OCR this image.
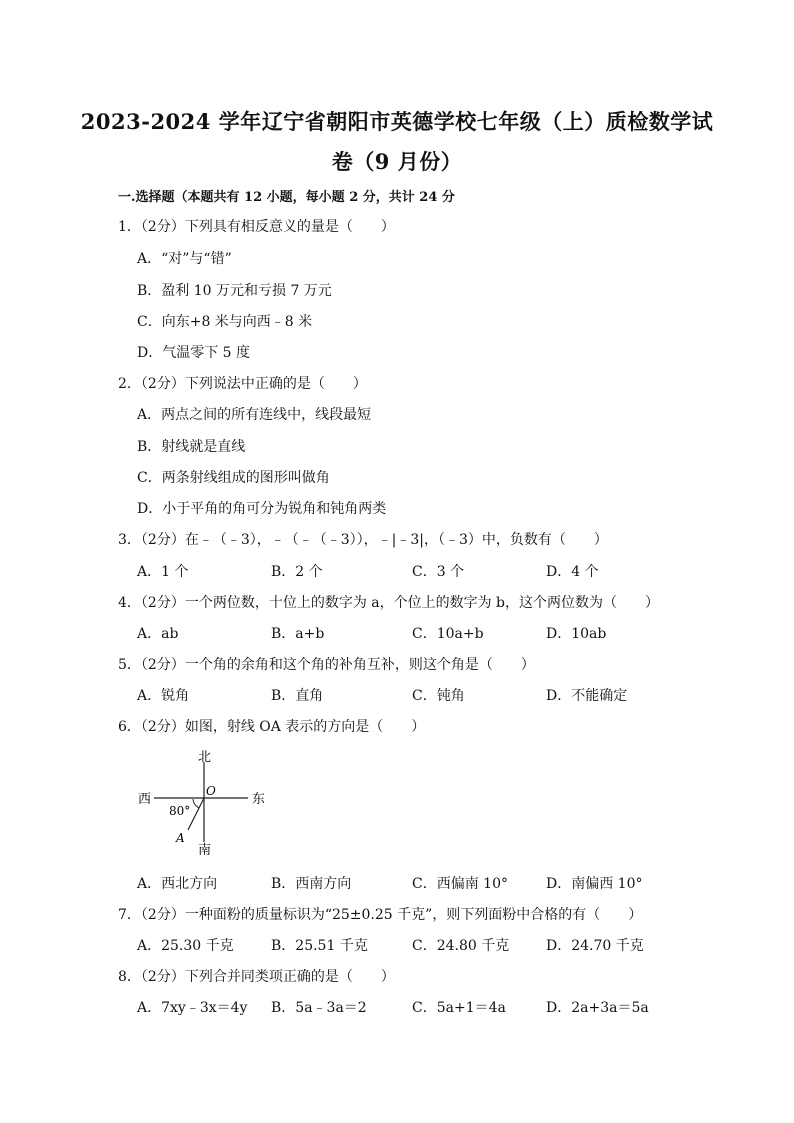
2023-2024 学年辽宁省朝阳市英德学校七年级（上）质检数学试
卷（9 月份）
一.选择题（本题共有 12 小题，每小题 2 分，共计 24 分
1．（2分）下列具有相反意义的量是（　　）
A．“对”与“错”
B．盈利 10 万元和亏损 7 万元
C．向东+8 米与向西﹣8 米
D．气温零下 5 度
2．（2分）下列说法中正确的是（　　）
A．两点之间的所有连线中，线段最短
B．射线就是直线
C．两条射线组成的图形叫做角
D．小于平角的角可分为锐角和钝角两类
3．（2分）在﹣（﹣3），﹣（﹣（﹣3）），﹣|﹣3|，（﹣3）中，负数有（　　）
A．1 个	B．2 个	C．3 个	D．4 个
4．（2分）一个两位数，十位上的数字为 a，个位上的数字为 b，这个两位数为（　　）
A．ab	B．a+b	C．10a+b	D．10ab
5．（2分）一个角的余角和这个角的补角互补，则这个角是（　　）
A．锐角	B．直角	C．钝角	D．不能确定
6．（2分）如图，射线 OA 表示的方向是（　　）
北
南
西	东
O
A
80°
A．西北方向	B．西南方向	C．西偏南 10°	D．南偏西 10°
7．（2分）一种面粉的质量标识为“25±0.25 千克”，则下列面粉中合格的有（　　）
A．25.30 千克	B．25.51 千克	C．24.80 千克	D．24.70 千克
8．（2分）下列合并同类项正确的是（　　）
A．7xy﹣3x＝4y B．5a﹣3a＝2	C．5a+1＝4a	D．2a+3a＝5a
